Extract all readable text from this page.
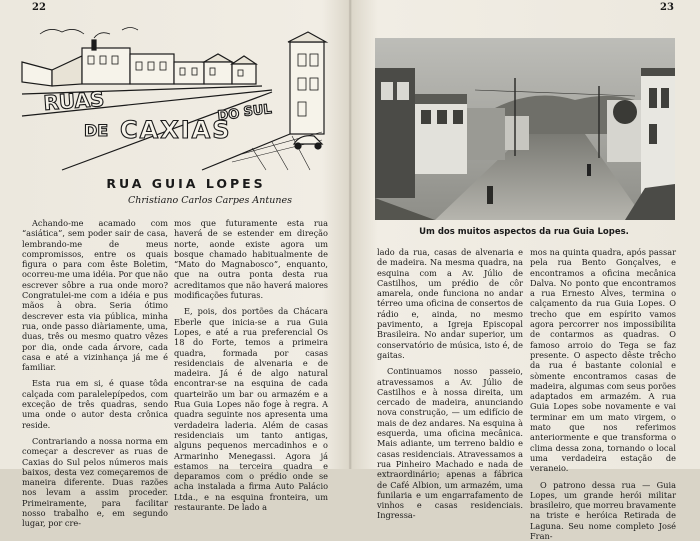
22	23
RUAS
DE CAXIAS
DO SUL
RUA GUIA LOPES
Christiano Carlos Carpes Antunes

Achando-me acamado com “asiática”, sem poder sair de casa, lembrando-me de meus compromissos, entre os quais figura o para com êste Boletim, ocorreu-me uma idéia. Por que não escrever sôbre a rua onde moro? Congratulei-me com a idéia e pus mãos à obra. Seria ótimo descrever esta via pública, minha rua, onde passo diàriamente, uma, duas, três ou mesmo quatro vêzes por dia, onde cada árvore, cada casa e até a vizinhança já me é familiar.

Esta rua em si, é quase tôda calçada com paralelepípedos, com exceção de três quadras, sendo uma onde o autor desta crônica reside.

Contrariando a nossa norma em começar a descrever as ruas de Caxias do Sul pelos números mais baixos, desta vez começaremos de maneira diferente. Duas razões nos levam a assim proceder. Primeiramente, para facilitar nosso trabalho e, em segundo lugar, por cre-

mos que futuramente esta rua haverá de se estender em direção norte, aonde existe agora um bosque chamado habitualmente de “Mato do Magnabosco”, enquanto, que na outra ponta desta rua acreditamos que não haverá maiores modificações futuras.

E, pois, dos portões da Chácara Eberle que inicia-se a rua Guia Lopes, e até a rua preferencial Os 18 do Forte, temos a primeira quadra, formada por casas residenciais de alvenaria e de madeira. Já é de algo natural encontrar-se na esquina de cada quarteirão um bar ou armazém e a Rua Guia Lopes não foge à regra. A quadra seguinte nos apresenta uma verdadeira laderia. Além de casas residenciais um tanto antigas, alguns pequenos mercadinhos e o Armarinho Menegassi. Agora já estamos na terceira quadra e deparamos com o prédio onde se acha instalada a firma Auto Palácio Ltda., e na esquina fronteira, um restaurante. De lado a

Um dos muitos aspectos da rua Guia Lopes.

lado da rua, casas de alvenaria e de madeira. Na mesma quadra, na esquina com a Av. Júlio de Castilhos, um prédio de côr amarela, onde funciona no andar térreo uma oficina de consertos de rádio e, ainda, no mesmo pavimento, a Igreja Episcopal Brasileira. No andar superior, um conservatório de música, isto é, de gaitas.

Continuamos nosso passeio, atravessamos a Av. Júlio de Castilhos e à nossa direita, um cercado de madeira, anunciando nova construção, — um edifício de mais de dez andares. Na esquina à esquerda, uma oficina mecânica. Mais adiante, um terreno baldio e casas residenciais. Atravessamos a rua Pinheiro Machado e nada de extraordinário; apenas a fábrica de Café Albion, um armazém, uma funilaria e um engarrafamento de vinhos e casas residenciais. Ingressa-

mos na quinta quadra, após passar pela rua Bento Gonçalves, e encontramos a oficina mecânica Dalva. No ponto que encontramos a rua Ernesto Alves, termina o calçamento da rua Guia Lopes. O trecho que em espírito vamos agora percorrer nos impossibilita de contarmos as quadras. O famoso arroio do Tega se faz presente. O aspecto dêste trêcho da rua é bastante colonial e sòmente encontramos casas de madeira, algumas com seus porões adaptados em armazém. A rua Guia Lopes sobe novamente e vai terminar em um mato virgem, o mato que nos referimos anteriormente e que transforma o clima dessa zona, tornando o local uma verdadeira estação de veraneio.

O patrono dessa rua — Guia Lopes, um grande herói militar brasileiro, que morreu bravamente na triste e heróica Retirada de Laguna. Seu nome completo José Fran-
